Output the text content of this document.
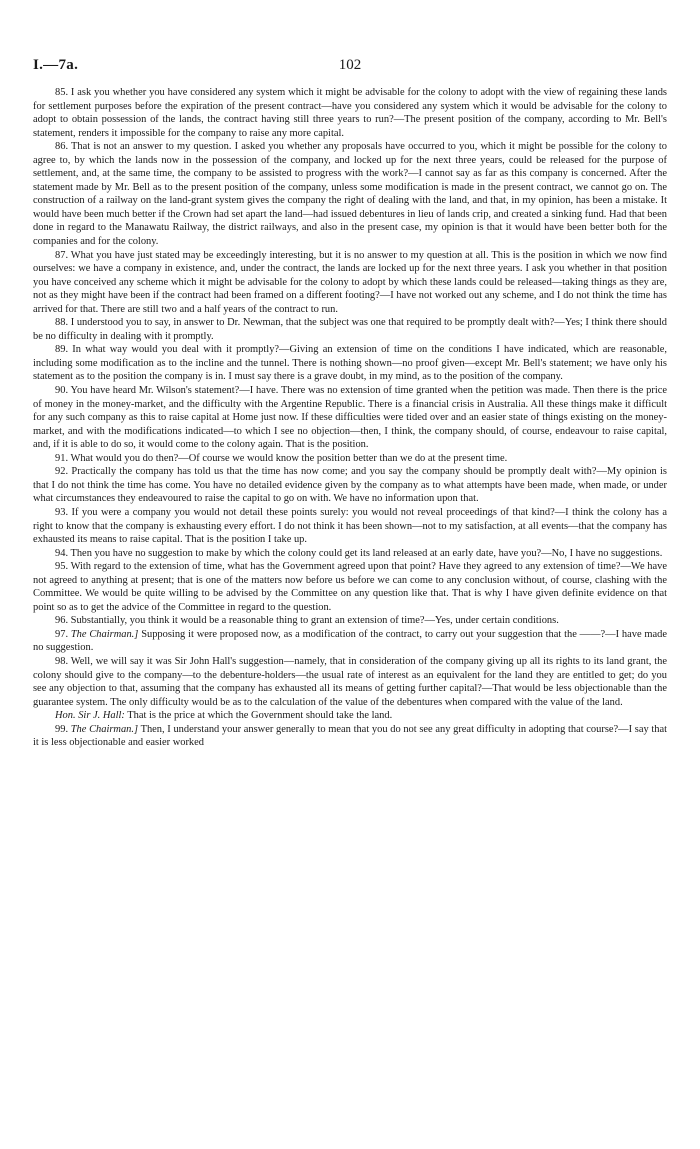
I.—7a.	102

85. I ask you whether you have considered any system which it might be advisable for the colony to adopt with the view of regaining these lands for settlement purposes before the expiration of the present contract—have you considered any system which it would be advisable for the colony to adopt to obtain possession of the lands, the contract having still three years to run?—The present position of the company, according to Mr. Bell's statement, renders it impossible for the company to raise any more capital.

86. That is not an answer to my question. I asked you whether any proposals have occurred to you, which it might be possible for the colony to agree to, by which the lands now in the possession of the company, and locked up for the next three years, could be released for the purpose of settlement, and, at the same time, the company to be assisted to progress with the work?—I cannot say as far as this company is concerned. After the statement made by Mr. Bell as to the present position of the company, unless some modification is made in the present contract, we cannot go on. The construction of a railway on the land-grant system gives the company the right of dealing with the land, and that, in my opinion, has been a mistake. It would have been much better if the Crown had set apart the land—had issued debentures in lieu of lands crip, and created a sinking fund. Had that been done in regard to the Manawatu Railway, the district railways, and also in the present case, my opinion is that it would have been better both for the companies and for the colony.

87. What you have just stated may be exceedingly interesting, but it is no answer to my question at all. This is the position in which we now find ourselves: we have a company in existence, and, under the contract, the lands are locked up for the next three years. I ask you whether in that position you have conceived any scheme which it might be advisable for the colony to adopt by which these lands could be released—taking things as they are, not as they might have been if the contract had been framed on a different footing?—I have not worked out any scheme, and I do not think the time has arrived for that. There are still two and a half years of the contract to run.

88. I understood you to say, in answer to Dr. Newman, that the subject was one that required to be promptly dealt with?—Yes; I think there should be no difficulty in dealing with it promptly.

89. In what way would you deal with it promptly?—Giving an extension of time on the conditions I have indicated, which are reasonable, including some modification as to the incline and the tunnel. There is nothing shown—no proof given—except Mr. Bell's statement; we have only his statement as to the position the company is in. I must say there is a grave doubt, in my mind, as to the position of the company.

90. You have heard Mr. Wilson's statement?—I have. There was no extension of time granted when the petition was made. Then there is the price of money in the money-market, and the difficulty with the Argentine Republic. There is a financial crisis in Australia. All these things make it difficult for any such company as this to raise capital at Home just now. If these difficulties were tided over and an easier state of things existing on the money-market, and with the modifications indicated—to which I see no objection—then, I think, the company should, of course, endeavour to raise capital, and, if it is able to do so, it would come to the colony again. That is the position.

91. What would you do then?—Of course we would know the position better than we do at the present time.

92. Practically the company has told us that the time has now come; and you say the company should be promptly dealt with?—My opinion is that I do not think the time has come. You have no detailed evidence given by the company as to what attempts have been made, when made, or under what circumstances they endeavoured to raise the capital to go on with. We have no information upon that.

93. If you were a company you would not detail these points surely: you would not reveal proceedings of that kind?—I think the colony has a right to know that the company is exhausting every effort. I do not think it has been shown—not to my satisfaction, at all events—that the company has exhausted its means to raise capital. That is the position I take up.

94. Then you have no suggestion to make by which the colony could get its land released at an early date, have you?—No, I have no suggestions.

95. With regard to the extension of time, what has the Government agreed upon that point? Have they agreed to any extension of time?—We have not agreed to anything at present; that is one of the matters now before us before we can come to any conclusion without, of course, clashing with the Committee. We would be quite willing to be advised by the Committee on any question like that. That is why I have given definite evidence on that point so as to get the advice of the Committee in regard to the question.

96. Substantially, you think it would be a reasonable thing to grant an extension of time?—Yes, under certain conditions.

97. The Chairman.] Supposing it were proposed now, as a modification of the contract, to carry out your suggestion that the ——?—I have made no suggestion.

98. Well, we will say it was Sir John Hall's suggestion—namely, that in consideration of the company giving up all its rights to its land grant, the colony should give to the company—to the debenture-holders—the usual rate of interest as an equivalent for the land they are entitled to get; do you see any objection to that, assuming that the company has exhausted all its means of getting further capital?—That would be less objectionable than the guarantee system. The only difficulty would be as to the calculation of the value of the debentures when compared with the value of the land.

Hon. Sir J. Hall: That is the price at which the Government should take the land.

99. The Chairman.] Then, I understand your answer generally to mean that you do not see any great difficulty in adopting that course?—I say that it is less objectionable and easier worked
